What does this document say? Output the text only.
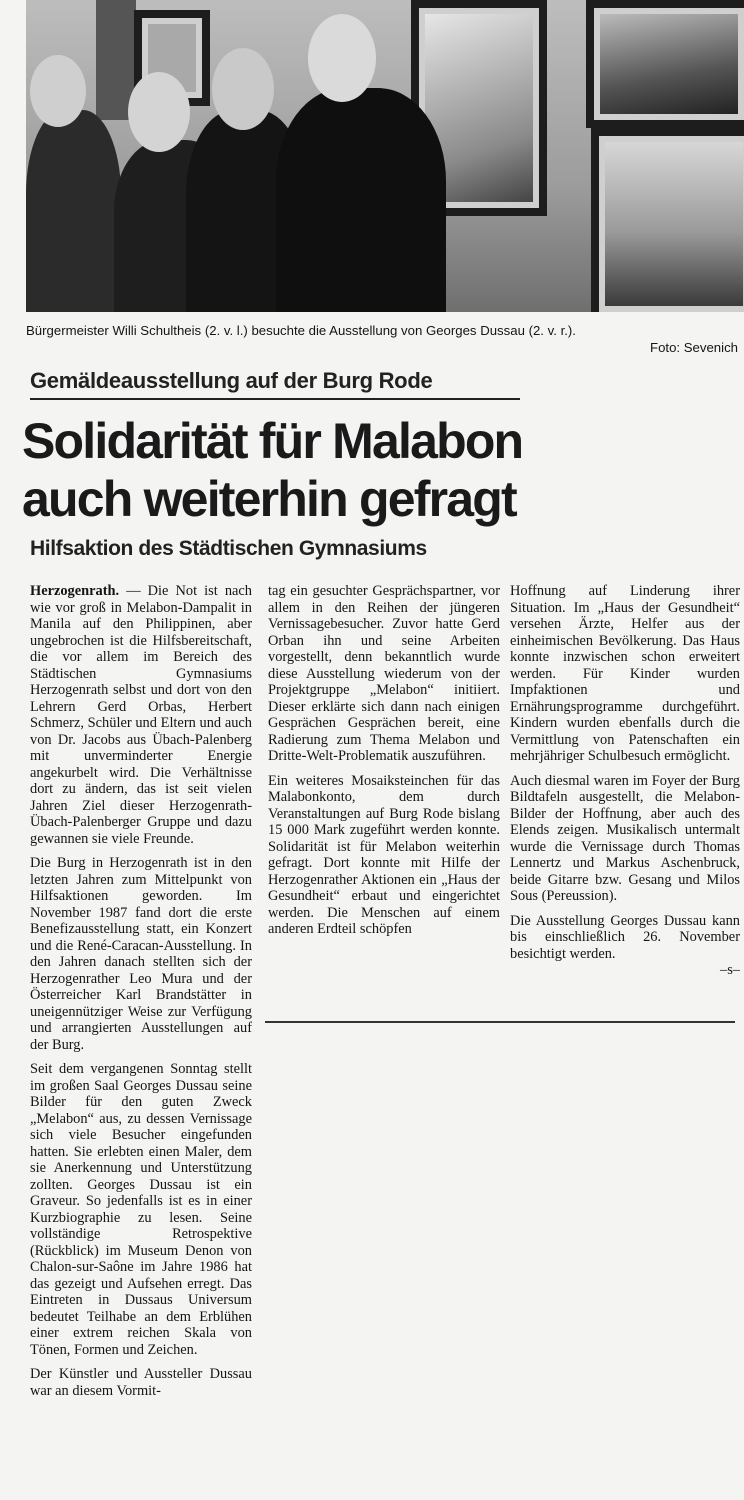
Bürgermeister Willi Schultheis (2. v. l.) besuchte die Ausstellung von Georges Dussau (2. v. r.).
Foto: Sevenich
Gemäldeausstellung auf der Burg Rode
Solidarität für Malabon
auch weiterhin gefragt
Hilfsaktion des Städtischen Gymnasiums

Herzogenrath. — Die Not ist nach wie vor groß in Melabon-Dampalit in Manila auf den Philippinen, aber ungebrochen ist die Hilfsbereitschaft, die vor allem im Bereich des Städtischen Gymnasiums Herzogenrath selbst und dort von den Lehrern Gerd Orbas, Herbert Schmerz, Schüler und Eltern und auch von Dr. Jacobs aus Übach-Palenberg mit unverminderter Energie angekurbelt wird. Die Verhältnisse dort zu ändern, das ist seit vielen Jahren Ziel dieser Herzogenrath-Übach-Palenberger Gruppe und dazu gewannen sie viele Freunde.

Die Burg in Herzogenrath ist in den letzten Jahren zum Mittelpunkt von Hilfsaktionen geworden. Im November 1987 fand dort die erste Benefizausstellung statt, ein Konzert und die René-Caracan-Ausstellung. In den Jahren danach stellten sich der Herzogenrather Leo Mura und der Österreicher Karl Brandstätter in uneigennütziger Weise zur Verfügung und arrangierten Ausstellungen auf der Burg.

Seit dem vergangenen Sonntag stellt im großen Saal Georges Dussau seine Bilder für den guten Zweck „Melabon“ aus, zu dessen Vernissage sich viele Besucher eingefunden hatten. Sie erlebten einen Maler, dem sie Anerkennung und Unterstützung zollten. Georges Dussau ist ein Graveur. So jedenfalls ist es in einer Kurzbiographie zu lesen. Seine vollständige Retrospektive (Rückblick) im Museum Denon von Chalon-sur-Saône im Jahre 1986 hat das gezeigt und Aufsehen erregt. Das Eintreten in Dussaus Universum bedeutet Teilhabe an dem Erblühen einer extrem reichen Skala von Tönen, Formen und Zeichen.

Der Künstler und Aussteller Dussau war an diesem Vormit-

tag ein gesuchter Gesprächspartner, vor allem in den Reihen der jüngeren Vernissagebesucher. Zuvor hatte Gerd Orban ihn und seine Arbeiten vorgestellt, denn bekanntlich wurde diese Ausstellung wiederum von der Projektgruppe „Melabon“ initiiert. Dieser erklärte sich dann nach einigen Gesprächen Gesprächen bereit, eine Radierung zum Thema Melabon und Dritte-Welt-Problematik auszuführen.

Ein weiteres Mosaiksteinchen für das Malabonkonto, dem durch Veranstaltungen auf Burg Rode bislang 15 000 Mark zugeführt werden konnte. Solidarität ist für Melabon weiterhin gefragt. Dort konnte mit Hilfe der Herzogenrather Aktionen ein „Haus der Gesundheit“ erbaut und eingerichtet werden. Die Menschen auf einem anderen Erdteil schöpfen

Hoffnung auf Linderung ihrer Situation. Im „Haus der Gesundheit“ versehen Ärzte, Helfer aus der einheimischen Bevölkerung. Das Haus konnte inzwischen schon erweitert werden. Für Kinder wurden Impfaktionen und Ernährungsprogramme durchgeführt. Kindern wurden ebenfalls durch die Vermittlung von Patenschaften ein mehrjähriger Schulbesuch ermöglicht.

Auch diesmal waren im Foyer der Burg Bildtafeln ausgestellt, die Melabon-Bilder der Hoffnung, aber auch des Elends zeigen. Musikalisch untermalt wurde die Vernissage durch Thomas Lennertz und Markus Aschenbruck, beide Gitarre bzw. Gesang und Milos Sous (Pereussion).

Die Ausstellung Georges Dussau kann bis einschließlich 26. November besichtigt werden.

–s–
